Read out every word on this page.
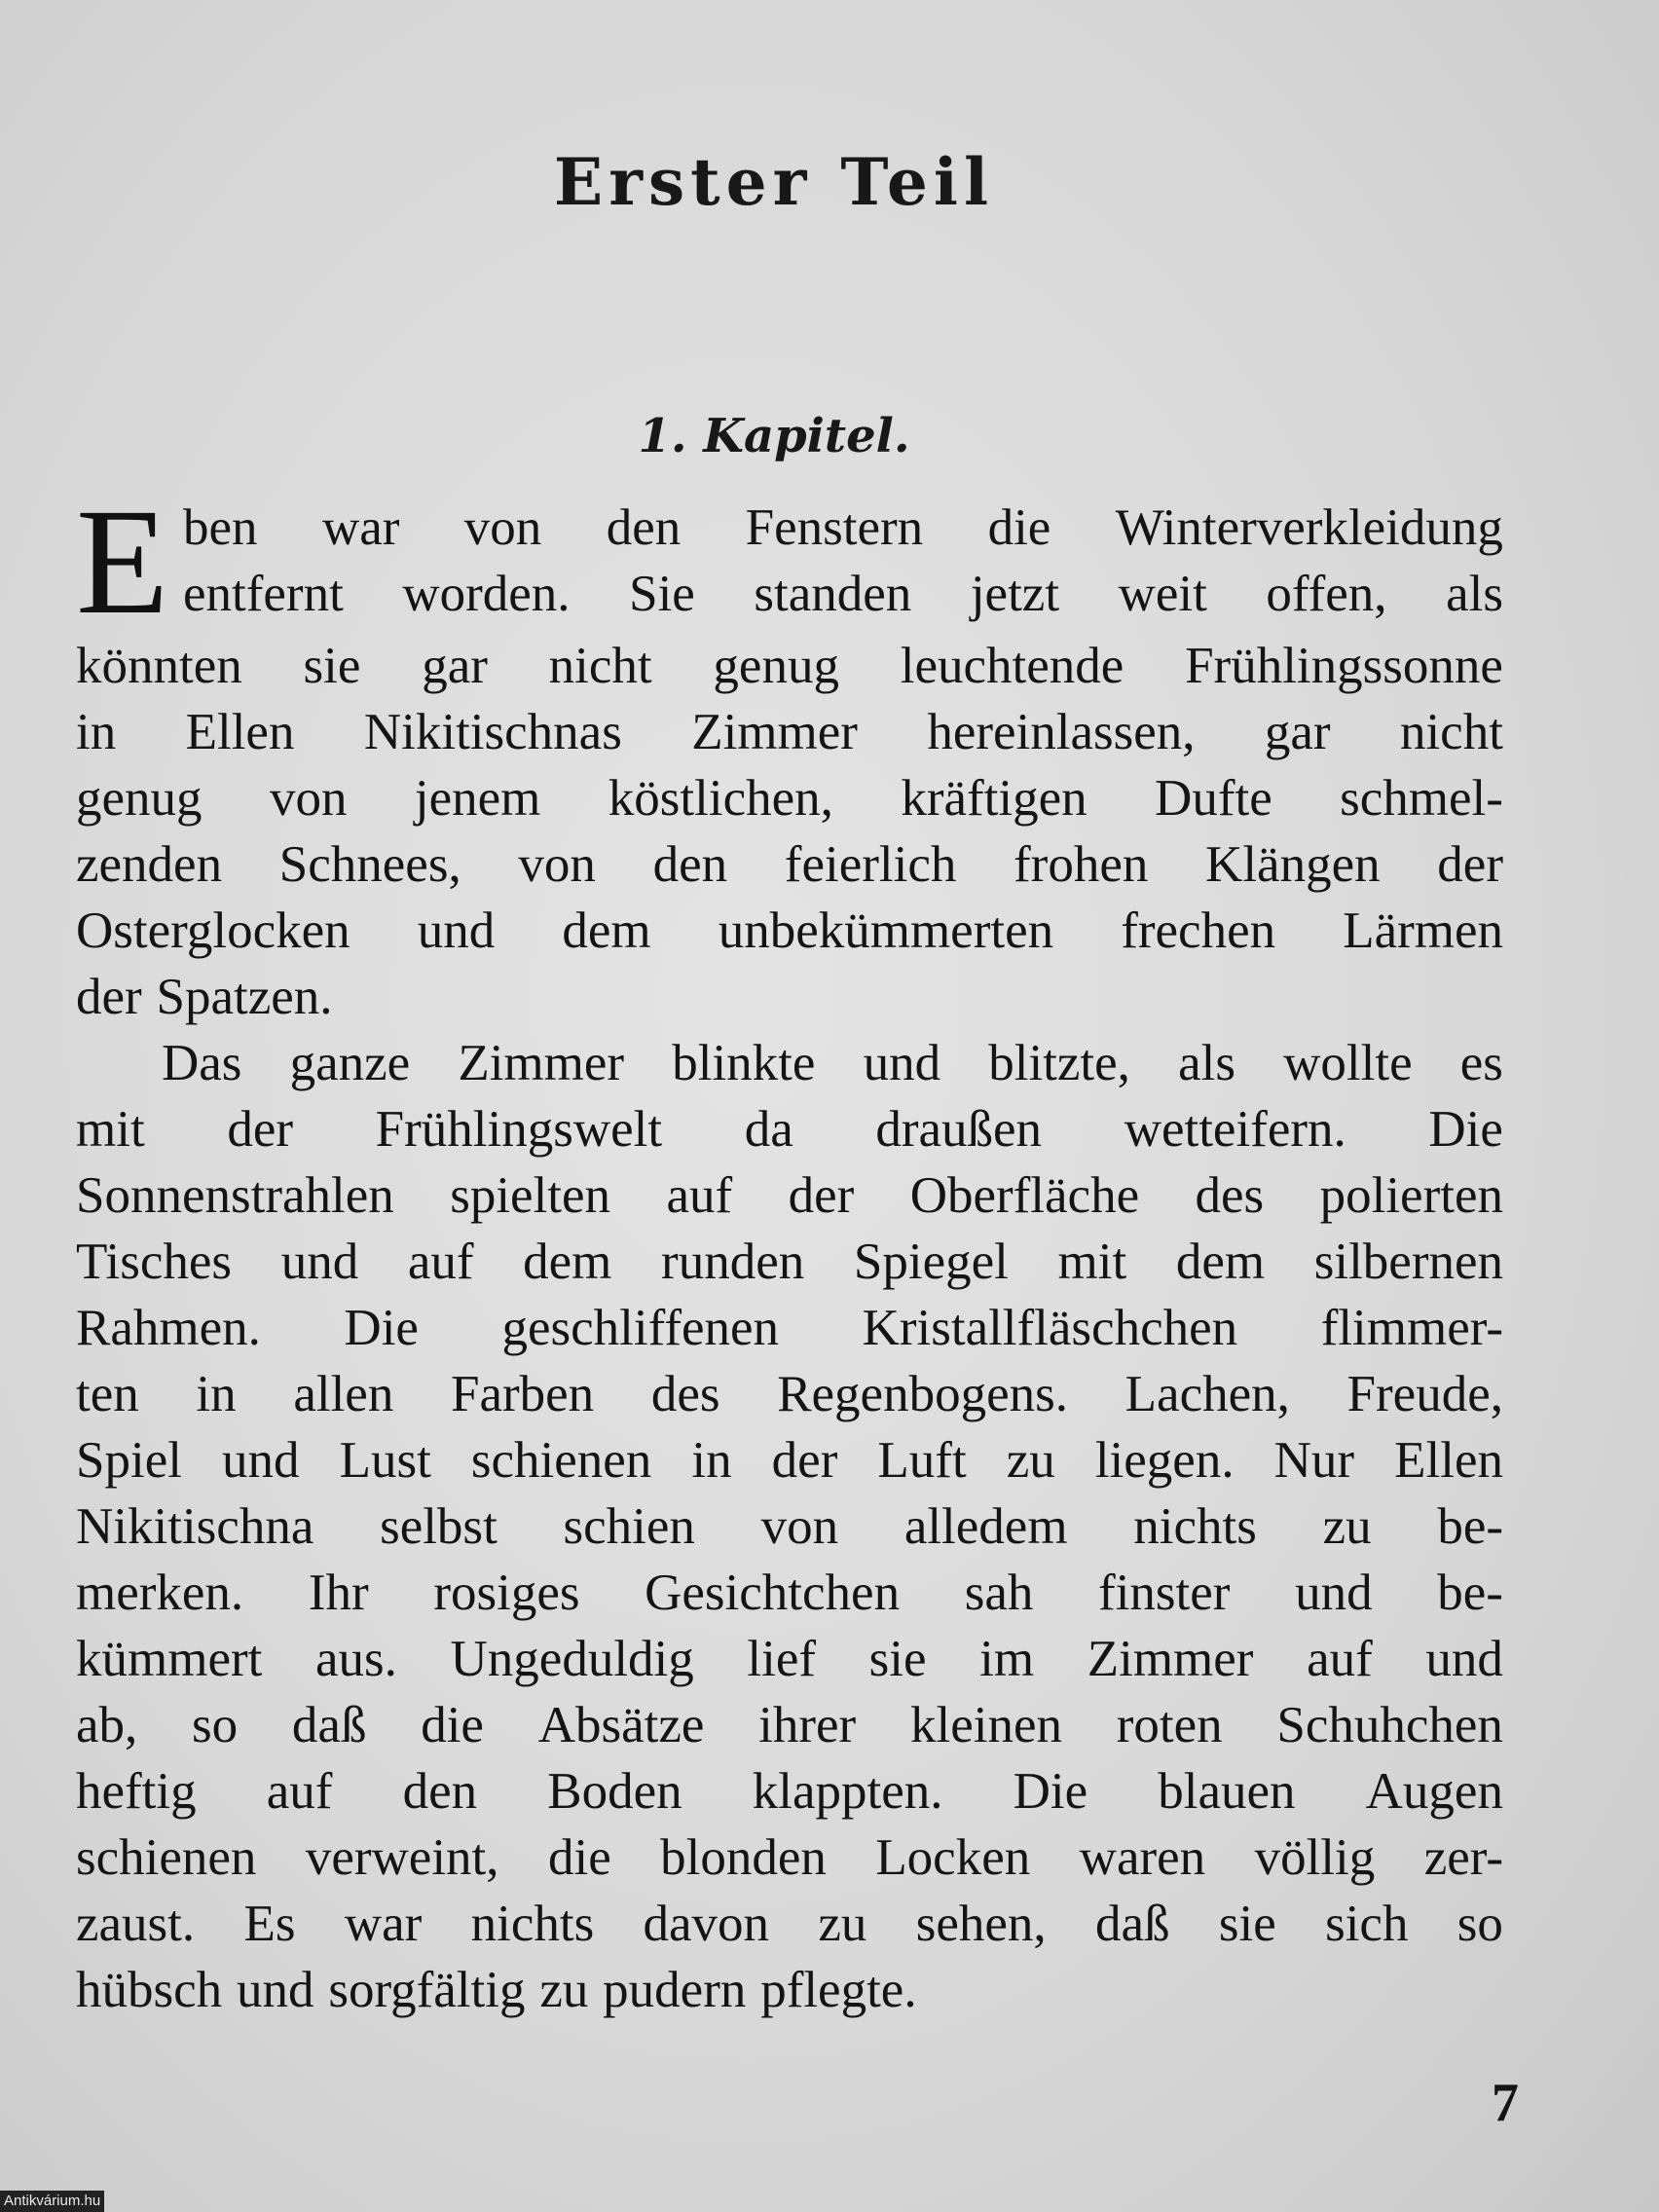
Erster Teil
1. Kapitel.
E ben war von den Fenstern die Winterverkleidung
entfernt worden. Sie standen jetzt weit offen, als
könnten sie gar nicht genug leuchtende Frühlingssonne
in Ellen Nikitischnas Zimmer hereinlassen, gar nicht
genug von jenem köstlichen, kräftigen Dufte schmel-
zenden Schnees, von den feierlich frohen Klängen der
Osterglocken und dem unbekümmerten frechen Lärmen
der Spatzen.
Das ganze Zimmer blinkte und blitzte, als wollte es
mit der Frühlingswelt da draußen wetteifern. Die
Sonnenstrahlen spielten auf der Oberfläche des polierten
Tisches und auf dem runden Spiegel mit dem silbernen
Rahmen. Die geschliffenen Kristallfläschchen flimmer-
ten in allen Farben des Regenbogens. Lachen, Freude,
Spiel und Lust schienen in der Luft zu liegen. Nur Ellen
Nikitischna selbst schien von alledem nichts zu be-
merken. Ihr rosiges Gesichtchen sah finster und be-
kümmert aus. Ungeduldig lief sie im Zimmer auf und
ab, so daß die Absätze ihrer kleinen roten Schuhchen
heftig auf den Boden klappten. Die blauen Augen
schienen verweint, die blonden Locken waren völlig zer-
zaust. Es war nichts davon zu sehen, daß sie sich so
hübsch und sorgfältig zu pudern pflegte.
7
Antikvárium.hu
